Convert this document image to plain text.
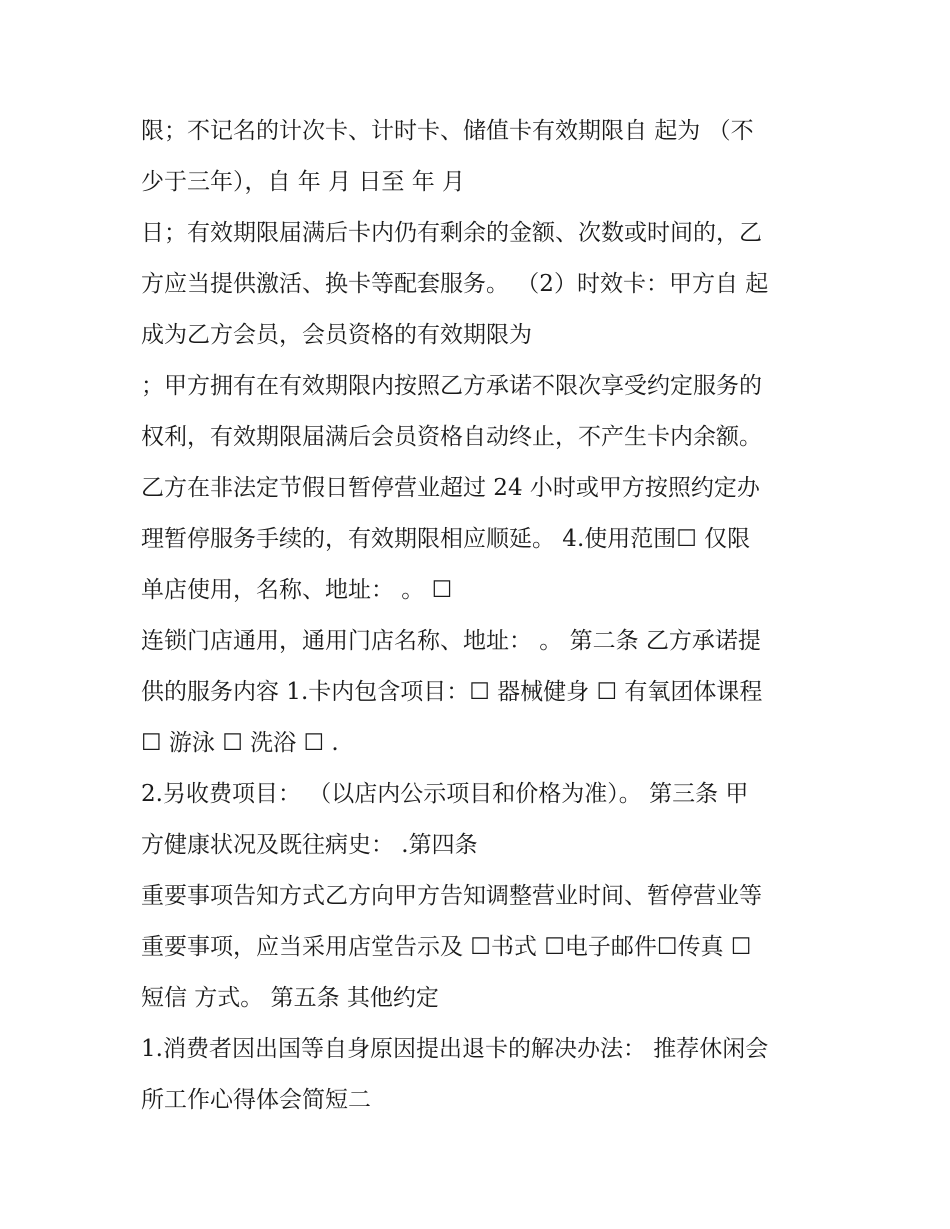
限；不记名的计次卡、计时卡、储值卡有效期限自 起为 （不
少于三年），自 年 月 日至 年 月
日；有效期限届满后卡内仍有剩余的金额、次数或时间的，乙
方应当提供激活、换卡等配套服务。 （2）时效卡：甲方自 起
成为乙方会员，会员资格的有效期限为
；甲方拥有在有效期限内按照乙方承诺不限次享受约定服务的
权利，有效期限届满后会员资格自动终止，不产生卡内余额。
乙方在非法定节假日暂停营业超过 24 小时或甲方按照约定办
理暂停服务手续的，有效期限相应顺延。 4.使用范围☐ 仅限
单店使用，名称、地址： 。 ☐
连锁门店通用，通用门店名称、地址： 。 第二条 乙方承诺提
供的服务内容 1.卡内包含项目：☐ 器械健身 ☐ 有氧团体课程
☐ 游泳 ☐ 洗浴 ☐ .
2.另收费项目： （以店内公示项目和价格为准）。 第三条 甲
方健康状况及既往病史： .第四条
重要事项告知方式乙方向甲方告知调整营业时间、暂停营业等
重要事项，应当采用店堂告示及 ☐书式 ☐电子邮件☐传真 ☐
短信 方式。 第五条 其他约定
1.消费者因出国等自身原因提出退卡的解决办法： 推荐休闲会
所工作心得体会简短二
